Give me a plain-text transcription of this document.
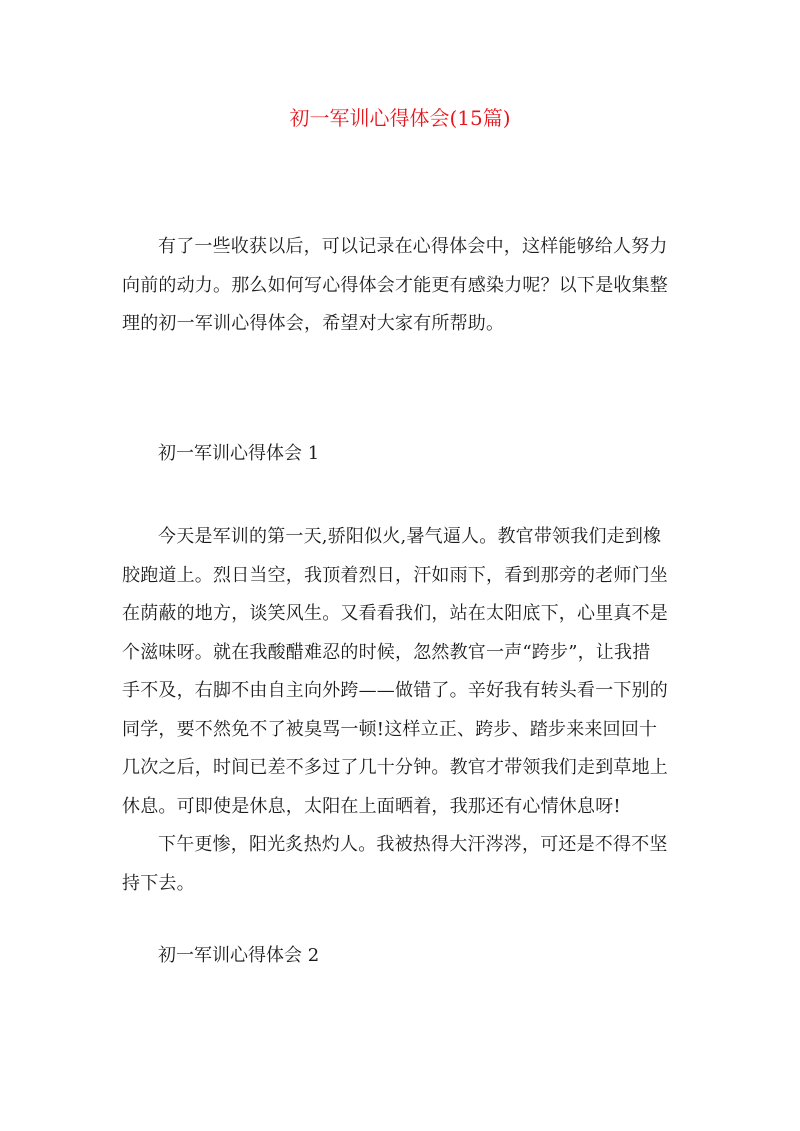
初一军训心得体会(15篇)
有了一些收获以后，可以记录在心得体会中，这样能够给人努力
向前的动力。那么如何写心得体会才能更有感染力呢？以下是收集整
理的初一军训心得体会，希望对大家有所帮助。
初一军训心得体会 1
今天是军训的第一天,骄阳似火,暑气逼人。教官带领我们走到橡
胶跑道上。烈日当空，我顶着烈日，汗如雨下，看到那旁的老师门坐
在荫蔽的地方，谈笑风生。又看看我们，站在太阳底下，心里真不是
个滋味呀。就在我酸醋难忍的时候，忽然教官一声“跨步”，让我措
手不及，右脚不由自主向外跨——做错了。辛好我有转头看一下别的
同学，要不然免不了被臭骂一顿!这样立正、跨步、踏步来来回回十
几次之后，时间已差不多过了几十分钟。教官才带领我们走到草地上
休息。可即使是休息，太阳在上面晒着，我那还有心情休息呀!
下午更惨，阳光炙热灼人。我被热得大汗涔涔，可还是不得不坚
持下去。
初一军训心得体会 2
